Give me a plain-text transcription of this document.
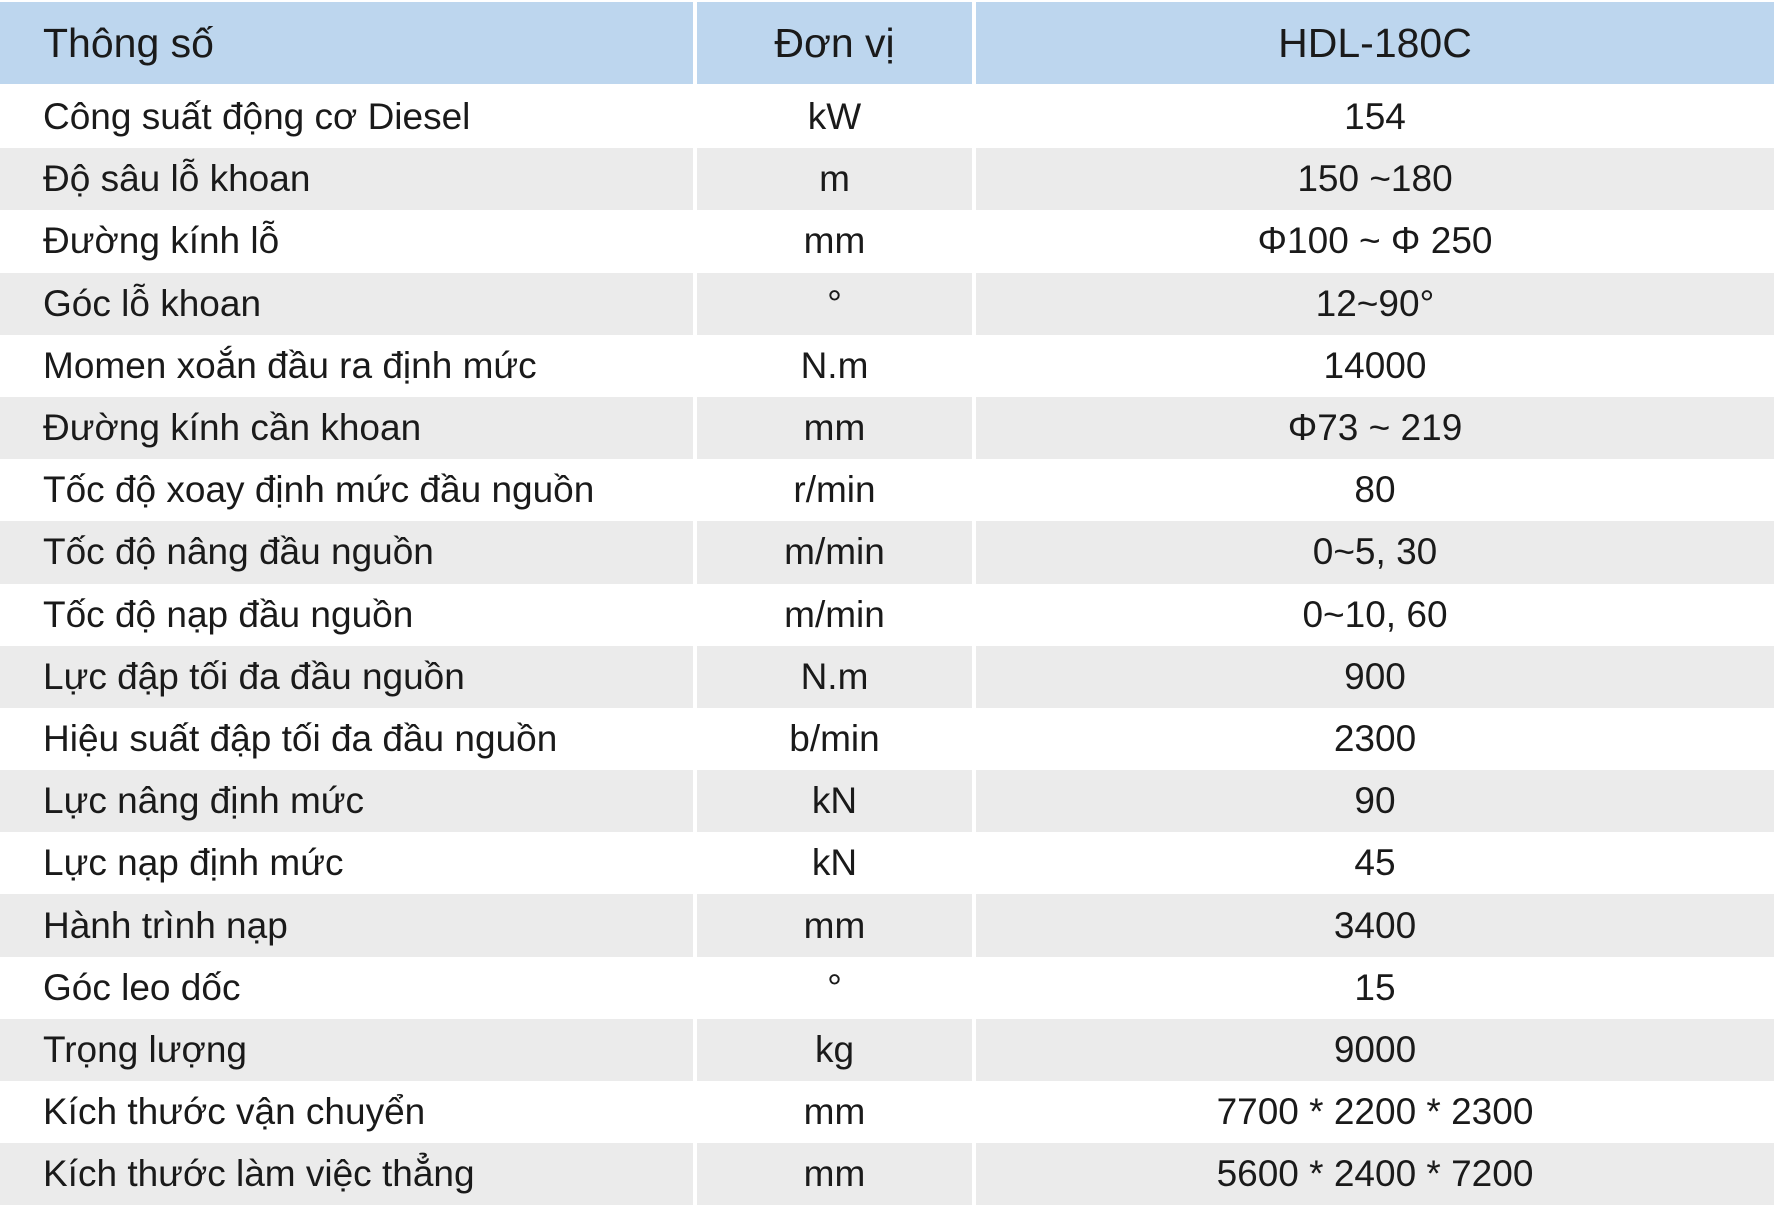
Thông số	Đơn vị	HDL-180C
Công suất động cơ Diesel	kW	154
Độ sâu lỗ khoan	m	150 ~180
Đường kính lỗ	mm	Φ100 ~ Φ 250
Góc lỗ khoan	°	12~90°
Momen xoắn đầu ra định mức	N.m	14000
Đường kính cần khoan	mm	Φ73 ~ 219
Tốc độ xoay định mức đầu nguồn	r/min	80
Tốc độ nâng đầu nguồn	m/min	0~5, 30
Tốc độ nạp đầu nguồn	m/min	0~10, 60
Lực đập tối đa đầu nguồn	N.m	900
Hiệu suất đập tối đa đầu nguồn	b/min	2300
Lực nâng định mức	kN	90
Lực nạp định mức	kN	45
Hành trình nạp	mm	3400
Góc leo dốc	°	15
Trọng lượng	kg	9000
Kích thước vận chuyển	mm	7700 * 2200 * 2300
Kích thước làm việc thẳng	mm	5600 * 2400 * 7200
